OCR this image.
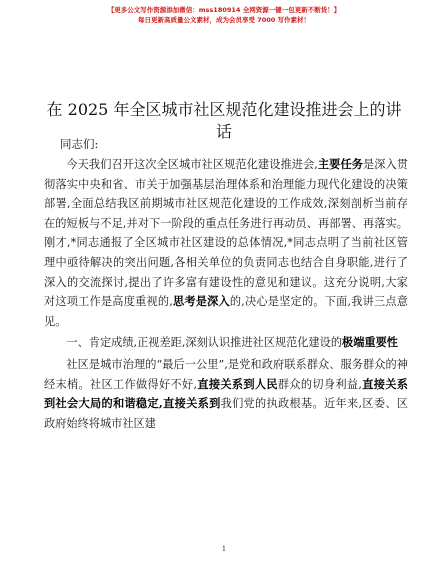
【更多公文写作资源添加微信：mss180914 全网资源一键一包更新不断货！】
每日更新高质量公文素材，成为会员享受 7000 写作素材！
在 2025 年全区城市社区规范化建设推进会上的讲话
同志们:

今天我们召开这次全区城市社区规范化建设推进会,主要任务是深入贯彻落实中央和省、市关于加强基层治理体系和治理能力现代化建设的决策部署,全面总结我区前期城市社区规范化建设的工作成效,深刻剖析当前存在的短板与不足,并对下一阶段的重点任务进行再动员、再部署、再落实。刚才,*同志通报了全区城市社区建设的总体情况,*同志点明了当前社区管理中亟待解决的突出问题,各相关单位的负责同志也结合自身职能,进行了深入的交流探讨,提出了许多富有建设性的意见和建议。这充分说明,大家对这项工作是高度重视的,思考是深入的,决心是坚定的。下面,我讲三点意见。

一、肯定成绩,正视差距,深刻认识推进社区规范化建设的极端重要性

社区是城市治理的“最后一公里”,是党和政府联系群众、服务群众的神经末梢。社区工作做得好不好,直接关系到人民群众的切身利益,直接关系到社会大局的和谐稳定,直接关系到我们党的执政根基。近年来,区委、区政府始终将城市社区建

1
